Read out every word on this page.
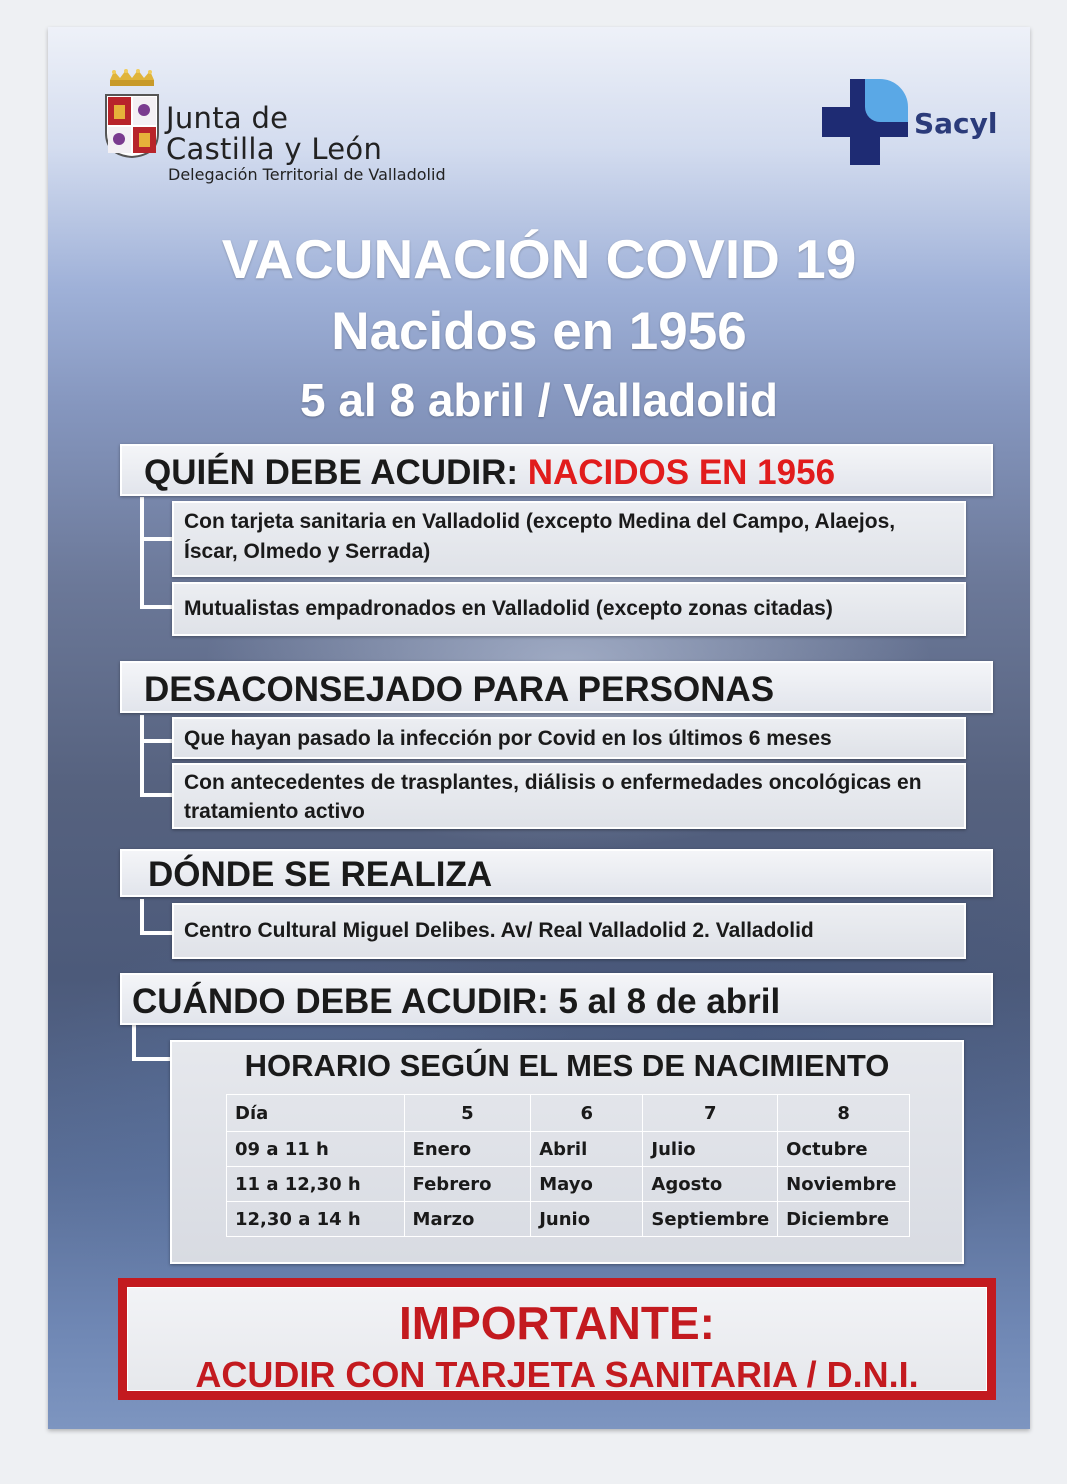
Junta de
Castilla y León
Delegación Territorial de Valladolid
Sacyl
VACUNACIÓN COVID 19
Nacidos en 1956
5 al 8 abril / Valladolid
QUIÉN DEBE ACUDIR: NACIDOS EN 1956
Con tarjeta sanitaria en Valladolid (excepto Medina del Campo, Alaejos, Íscar, Olmedo y Serrada)
Mutualistas empadronados en Valladolid (excepto zonas citadas)
DESACONSEJADO PARA PERSONAS
Que hayan pasado la infección por Covid en los últimos 6 meses
Con antecedentes de trasplantes, diálisis o enfermedades oncológicas en tratamiento activo
DÓNDE SE REALIZA
Centro Cultural Miguel Delibes. Av/ Real Valladolid 2. Valladolid
CUÁNDO DEBE ACUDIR: 5 al 8 de abril
HORARIO SEGÚN EL MES DE NACIMIENTO
Día	5	6	7	8
09 a 11 h	Enero	Abril	Julio	Octubre
11 a 12,30 h	Febrero	Mayo	Agosto	Noviembre
12,30 a 14 h	Marzo	Junio	Septiembre	Diciembre
IMPORTANTE:
ACUDIR CON TARJETA SANITARIA / D.N.I.
